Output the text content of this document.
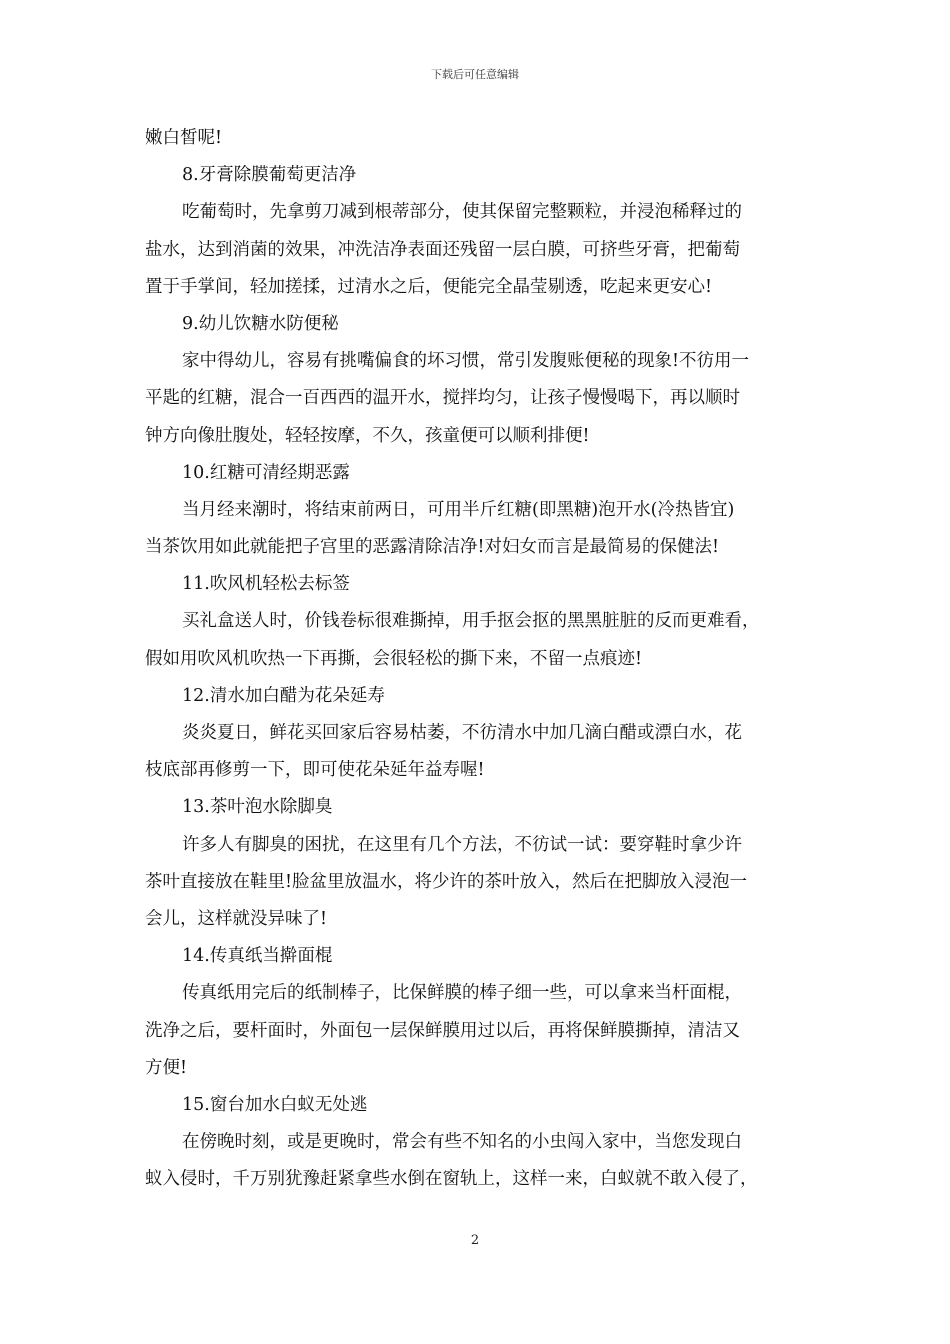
下载后可任意编辑
嫩白皙呢!
8.牙膏除膜葡萄更洁净
吃葡萄时，先拿剪刀减到根蒂部分，使其保留完整颗粒，并浸泡稀释过的
盐水，达到消菌的效果，冲洗洁净表面还残留一层白膜，可挤些牙膏，把葡萄
置于手掌间，轻加搓揉，过清水之后，便能完全晶莹剔透，吃起来更安心!
9.幼儿饮糖水防便秘
家中得幼儿，容易有挑嘴偏食的坏习惯，常引发腹账便秘的现象!不彷用一
平匙的红糖，混合一百西西的温开水，搅拌均匀，让孩子慢慢喝下，再以顺时
钟方向像肚腹处，轻轻按摩，不久，孩童便可以顺利排便!
10.红糖可清经期恶露
当月经来潮时，将结束前两日，可用半斤红糖(即黑糖)泡开水(冷热皆宜)
当茶饮用如此就能把子宫里的恶露清除洁净!对妇女而言是最简易的保健法!
11.吹风机轻松去标签
买礼盒送人时，价钱卷标很难撕掉，用手抠会抠的黑黑脏脏的反而更难看，
假如用吹风机吹热一下再撕，会很轻松的撕下来，不留一点痕迹!
12.清水加白醋为花朵延寿
炎炎夏日，鲜花买回家后容易枯萎，不彷清水中加几滴白醋或漂白水，花
枝底部再修剪一下，即可使花朵延年益寿喔!
13.茶叶泡水除脚臭
许多人有脚臭的困扰，在这里有几个方法，不彷试一试：要穿鞋时拿少许
茶叶直接放在鞋里!脸盆里放温水，将少许的茶叶放入，然后在把脚放入浸泡一
会儿，这样就没异味了!
14.传真纸当擀面棍
传真纸用完后的纸制棒子，比保鲜膜的棒子细一些，可以拿来当杆面棍，
洗净之后，要杆面时，外面包一层保鲜膜用过以后，再将保鲜膜撕掉，清洁又
方便!
15.窗台加水白蚁无处逃
在傍晚时刻，或是更晚时，常会有些不知名的小虫闯入家中，当您发现白
蚁入侵时，千万别犹豫赶紧拿些水倒在窗轨上，这样一来，白蚁就不敢入侵了，
2
